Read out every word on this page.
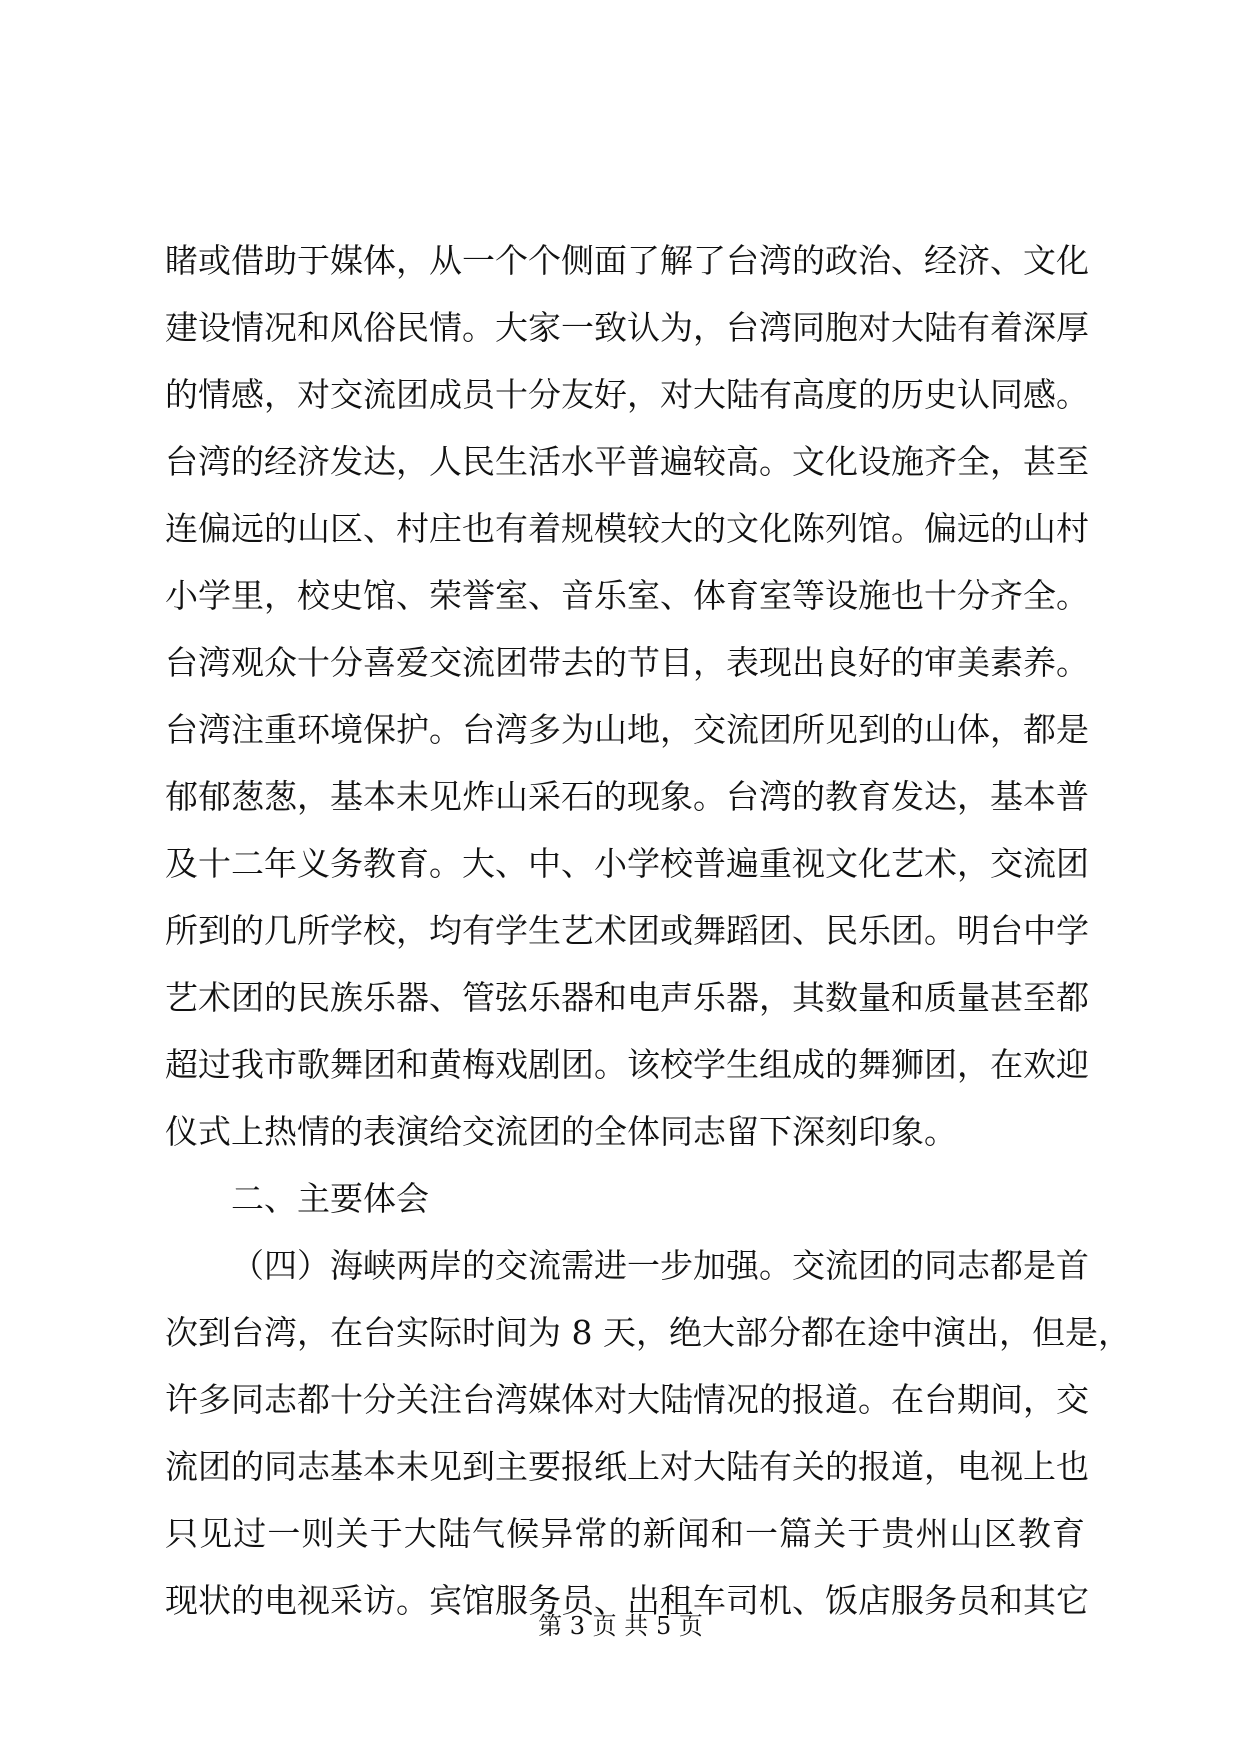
睹或借助于媒体，从一个个侧面了解了台湾的政治、经济、文化
建设情况和风俗民情。大家一致认为，台湾同胞对大陆有着深厚
的情感，对交流团成员十分友好，对大陆有高度的历史认同感。
台湾的经济发达，人民生活水平普遍较高。文化设施齐全，甚至
连偏远的山区、村庄也有着规模较大的文化陈列馆。偏远的山村
小学里，校史馆、荣誉室、音乐室、体育室等设施也十分齐全。
台湾观众十分喜爱交流团带去的节目，表现出良好的审美素养。
台湾注重环境保护。台湾多为山地，交流团所见到的山体，都是
郁郁葱葱，基本未见炸山采石的现象。台湾的教育发达，基本普
及十二年义务教育。大、中、小学校普遍重视文化艺术，交流团
所到的几所学校，均有学生艺术团或舞蹈团、民乐团。明台中学
艺术团的民族乐器、管弦乐器和电声乐器，其数量和质量甚至都
超过我市歌舞团和黄梅戏剧团。该校学生组成的舞狮团，在欢迎
仪式上热情的表演给交流团的全体同志留下深刻印象。
二、主要体会
（四）海峡两岸的交流需进一步加强。交流团的同志都是首
次到台湾，在台实际时间为 8 天，绝大部分都在途中演出，但是，
许多同志都十分关注台湾媒体对大陆情况的报道。在台期间，交
流团的同志基本未见到主要报纸上对大陆有关的报道，电视上也
只见过一则关于大陆气候异常的新闻和一篇关于贵州山区教育
现状的电视采访。宾馆服务员、出租车司机、饭店服务员和其它
第 3 页 共 5 页
